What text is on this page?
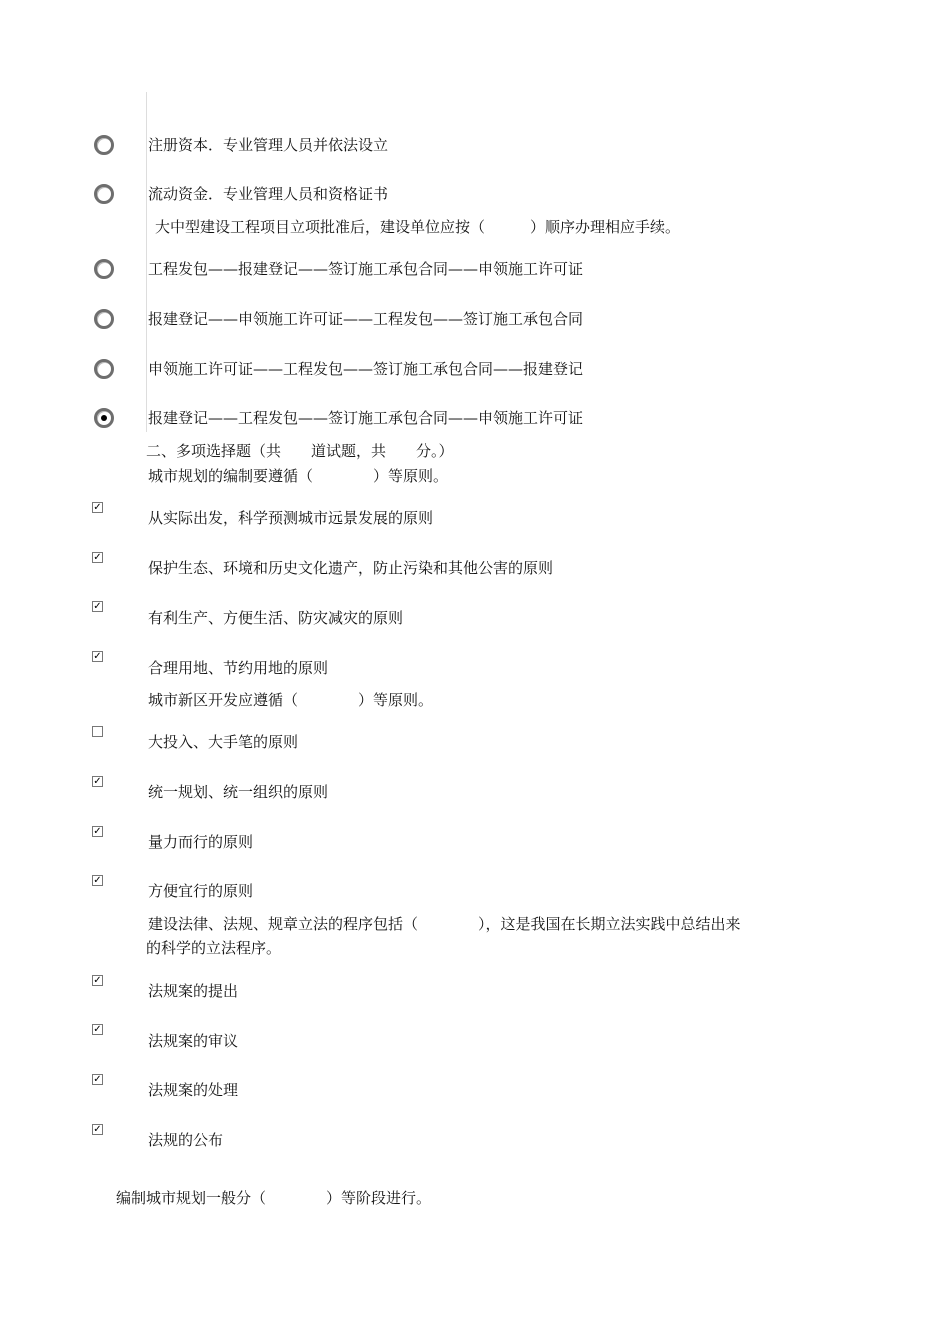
注册资本．专业管理人员并依法设立
流动资金．专业管理人员和资格证书
大中型建设工程项目立项批准后，建设单位应按（　　　）顺序办理相应手续。
工程发包——报建登记——签订施工承包合同——申领施工许可证
报建登记——申领施工许可证——工程发包——签订施工承包合同
申领施工许可证——工程发包——签订施工承包合同——报建登记
报建登记——工程发包——签订施工承包合同——申领施工许可证
二、多项选择题（共　　道试题，共　　分。）
城市规划的编制要遵循（　　　　）等原则。
✓
从实际出发，科学预测城市远景发展的原则
✓
保护生态、环境和历史文化遗产，防止污染和其他公害的原则
✓
有利生产、方便生活、防灾减灾的原则
✓
合理用地、节约用地的原则
城市新区开发应遵循（　　　　）等原则。
大投入、大手笔的原则
✓
统一规划、统一组织的原则
✓
量力而行的原则
✓
方便宜行的原则
建设法律、法规、规章立法的程序包括（　　　　），这是我国在长期立法实践中总结出来
的科学的立法程序。
✓
法规案的提出
✓
法规案的审议
✓
法规案的处理
✓
法规的公布
编制城市规划一般分（　　　　）等阶段进行。
